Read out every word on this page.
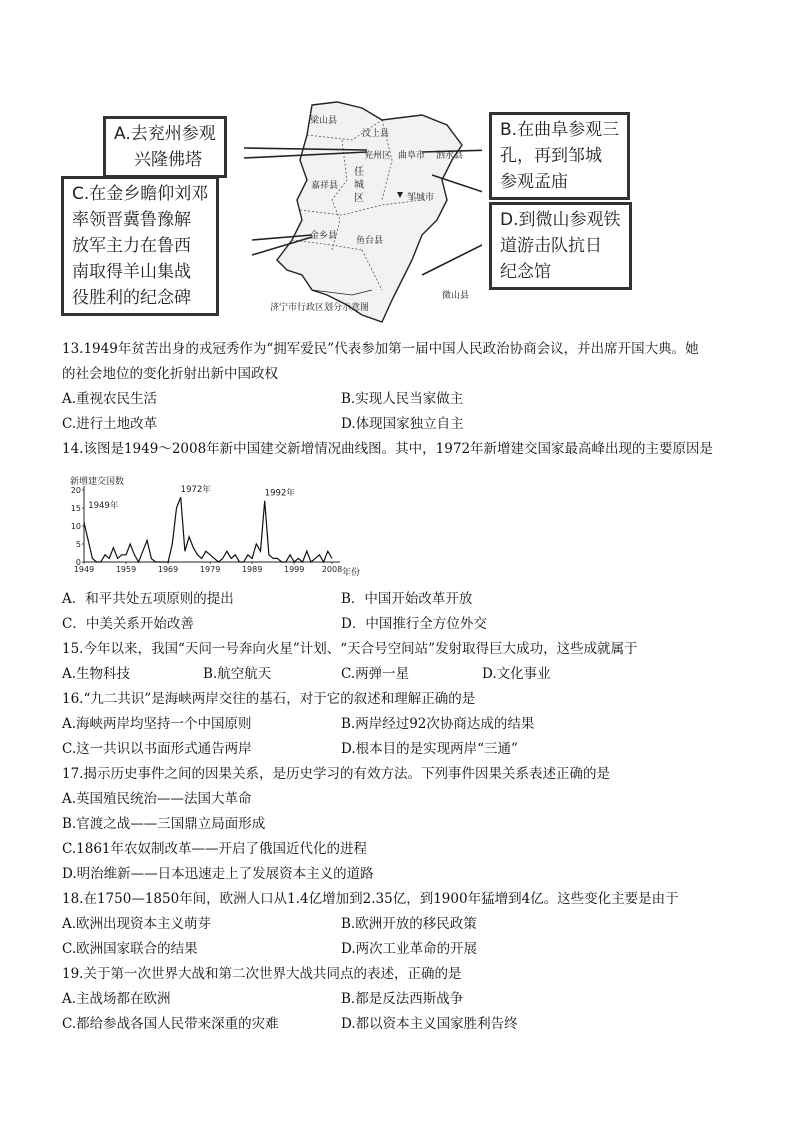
梁山县
汶上县
兖州区 曲阜市 泗水县
任城区
嘉祥县
邹城市
金乡县 鱼台县
微山县
济宁市行政区划分示意图
A.去兖州参观
兴隆佛塔
B.在曲阜参观三
孔，再到邹城
参观孟庙
C.在金乡瞻仰刘邓
率领晋冀鲁豫解
放军主力在鲁西
南取得羊山集战
役胜利的纪念碑
D.到微山参观铁
道游击队抗日
纪念馆
13.1949年贫苦出身的戎冠秀作为“拥军爱民”代表参加第一届中国人民政治协商会议，并出席开国大典。她
的社会地位的变化折射出新中国政权
A.重视农民生活	B.实现人民当家做主
C.进行土地改革	D.体现国家独立自主
14.该图是1949～2008年新中国建交新增情况曲线图。其中，1972年新增建交国家最高峰出现的主要原因是
新增建交国数
0
5
10
15
20
1949	1959	1969	1979	1989	1999 2008
1949年
1972年	1992年
年份
A．和平共处五项原则的提出	B．中国开始改革开放
C．中美关系开始改善	D．中国推行全方位外交
15.今年以来，我国“天问一号奔向火星”计划、“天合号空间站”发射取得巨大成功，这些成就属于
A.生物科技	B.航空航天	C.两弹一星	D.文化事业
16.“九二共识”是海峡两岸交往的基石，对于它的叙述和理解正确的是
A.海峡两岸均坚持一个中国原则	B.两岸经过92次协商达成的结果
C.这一共识以书面形式通告两岸	D.根本目的是实现两岸“三通”
17.揭示历史事件之间的因果关系，是历史学习的有效方法。下列事件因果关系表述正确的是
A.英国殖民统治——法国大革命
B.官渡之战——三国鼎立局面形成
C.1861年农奴制改革——开启了俄国近代化的进程
D.明治维新——日本迅速走上了发展资本主义的道路
18.在1750—1850年间，欧洲人口从1.4亿增加到2.35亿，到1900年猛增到4亿。这些变化主要是由于
A.欧洲出现资本主义萌芽	B.欧洲开放的移民政策
C.欧洲国家联合的结果	D.两次工业革命的开展
19.关于第一次世界大战和第二次世界大战共同点的表述，正确的是
A.主战场都在欧洲	B.都是反法西斯战争
C.都给参战各国人民带来深重的灾难	D.都以资本主义国家胜利告终
